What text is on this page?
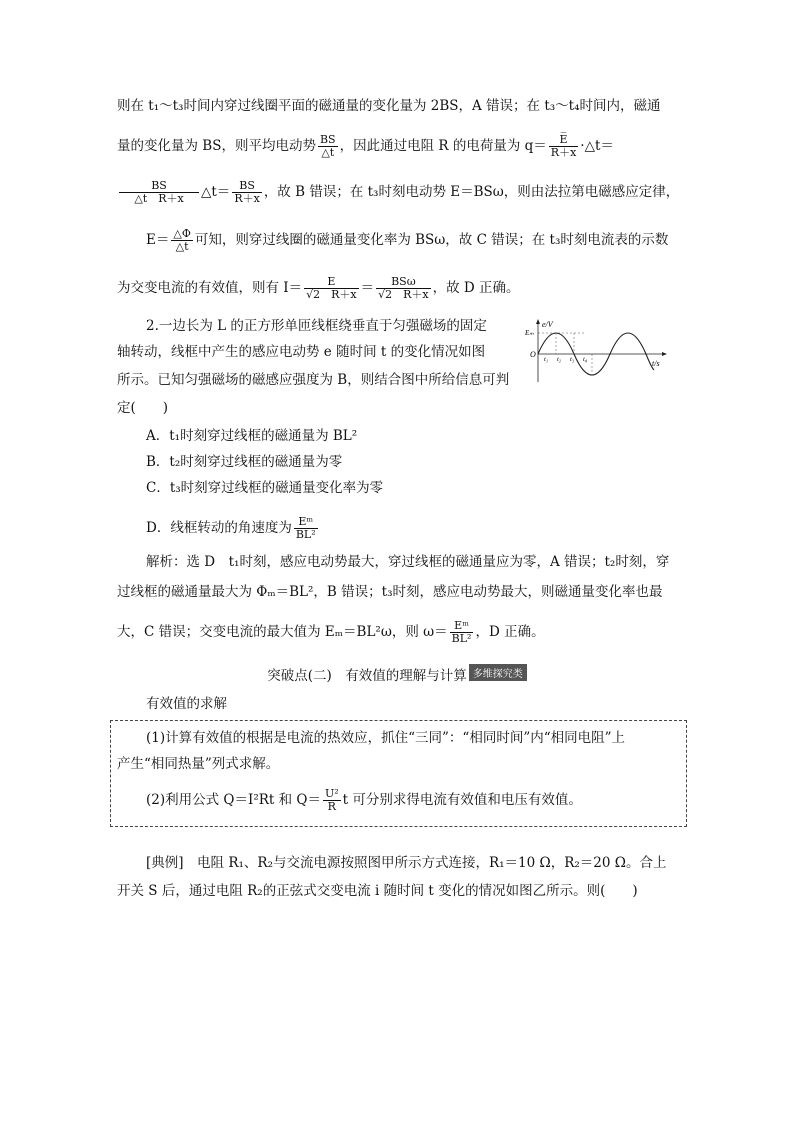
则在 t₁～t₃时间内穿过线圈平面的磁通量的变化量为 2BS，A 错误；在 t₃～t₄时间内，磁通
量的变化量为 BS，则平均电动势 $\frac{BS}{\triangle t}$ ，因此通过电阻 R 的电荷量为 $q= \frac{E̅}{R+x}$ ·△t＝
$\frac{BS}{\text{△t　R＋x}}$ △t＝ $\frac{BS}{R+x}$ ，故 B 错误；在 t₃时刻电动势 E＝BSω，则由法拉第电磁感应定律，
$E= \frac{\triangle\Phi}{\triangle t}$ 可知，则穿过线圈的磁通量变化率为 BSω，故 C 错误；在 t₃时刻电流表的示数
为交变电流的有效值，则有 $I= \frac{E}{√2 R+x} = \frac{\text{BSω}}{√2 R+x}$ ，故 D 正确。
2.一边长为 L 的正方形单匝线框绕垂直于匀强磁场的固定
轴转动，线框中产生的感应电动势 e 随时间 t 的变化情况如图
所示。已知匀强磁场的磁感应强度为 B，则结合图中所给信息可判
定(　　)
e/V
t/s
O
Eₘ
t₁ t₂ t₃ t₄
A．t₁时刻穿过线框的磁通量为 BL²
B．t₂时刻穿过线框的磁通量为零
C．t₃时刻穿过线框的磁通量变化率为零
D．线框转动的角速度为 $\frac{\text{Eᵐ}}{\text{BL²}}$
解析：选 D　t₁时刻，感应电动势最大，穿过线框的磁通量应为零，A 错误；t₂时刻，穿
过线框的磁通量最大为 Φₘ＝BL²，B 错误；t₃时刻，感应电动势最大，则磁通量变化率也最
大，C 错误；交变电流的最大值为 Eₘ＝BL²ω，则 $\omega= \frac{\text{Eᵐ}}{\text{BL²}}$ ，D 正确。
突破点(二)　有效值的理解与计算 多维探究类
有效值的求解
(1)计算有效值的根据是电流的热效应，抓住“三同”：“相同时间”内“相同电阻”上
产生“相同热量”列式求解。
(2)利用公式 Q＝I²Rt 和 $Q= \frac{\text{U²}}{R}$ t 可分别求得电流有效值和电压有效值。
[典例]　电阻 R₁、R₂与交流电源按照图甲所示方式连接，R₁＝10 Ω，R₂＝20 Ω。合上
开关 S 后，通过电阻 R₂的正弦式交变电流 i 随时间 t 变化的情况如图乙所示。则(　　)
